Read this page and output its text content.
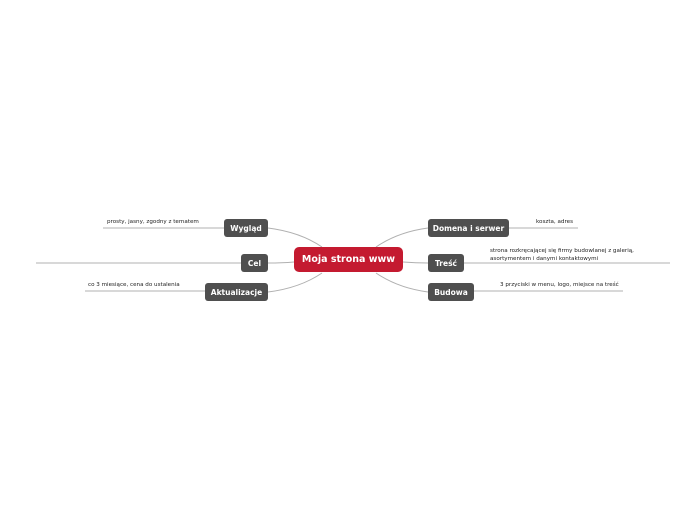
Moja strona www
Wygląd
prosty, jasny, zgodny z tematem
Cel
Aktualizacje
co 3 miesiące, cena do ustalenia
Domena i serwer
koszta, adres
Treść
strona rozkręcającej się firmy budowlanej z galerią,
asortymentem i danymi kontaktowymi
Budowa
3 przyciski w menu, logo, miejsce na treść
